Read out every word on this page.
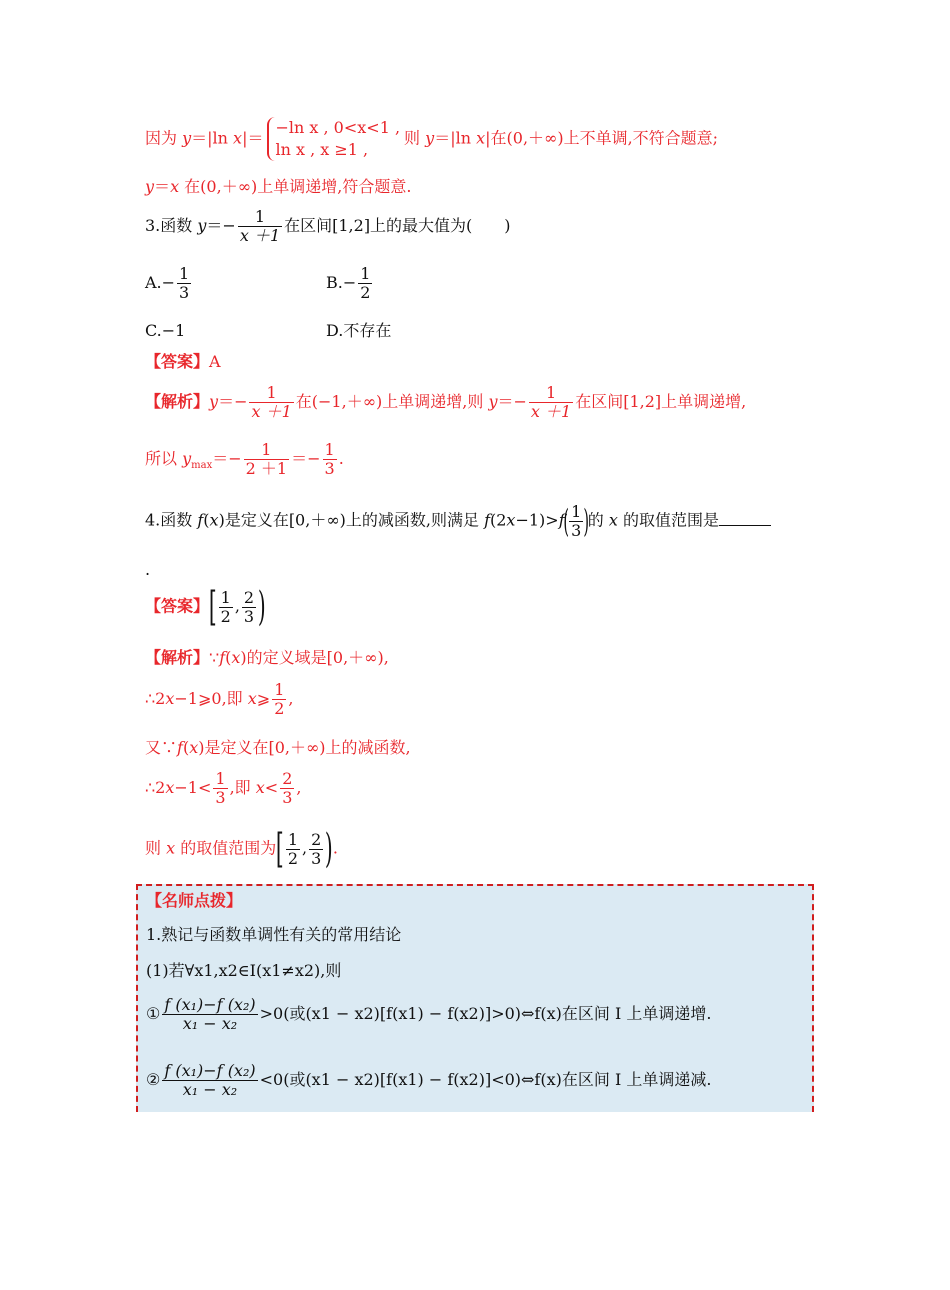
因为 y＝|ln x|＝
−ln x , 0<x<1 ,
ln x , x ≥1 ,
则 y＝|ln x|在(0,＋∞)上不单调,不符合题意;
y＝x 在(0,＋∞)上单调递增,符合题意.
3.函数 $y=- \frac{1}{x +1}$ 在区间[1,2]上的最大值为(　　)
$A.- \frac{1}{3}$	$B.- \frac{1}{2}$
C.−1	D.不存在
【答案】A
【解析】$y=- \frac{1}{x +1}$ 在(−1,＋∞)上单调递增,则 $y=- \frac{1}{x +1}$ 在区间[1,2]上单调递增,
所以 $y_{max}=- \frac{1}{2 +1} =- \frac{1}{3}$ .
4.函数 f(x)是定义在[0,＋∞)上的减函数,则满足 $f(2x-1)>f( \frac{1}{3}$ )的 x 的取值范围是
.
【答案】[ $\frac{1}{2}$ , $\frac{2}{3}$ )
【解析】∵f(x)的定义域是[0,＋∞),
∴2x−1⩾0,即 x⩾ $\frac{1}{2}$ ,
又∵f(x)是定义在[0,＋∞)上的减函数,
∴2x−1< $\frac{1}{3}$ ,即 $x< \frac{2}{3}$ ,
则 x 的取值范围为[ $\frac{1}{2}$ , $\frac{2}{3}$ ).
【名师点拨】
1.熟记与函数单调性有关的常用结论
(1)若∀x1,x2∈I(x1≠x2),则
① $\frac{\text{f (x₁)−f (x₂)}}{\text{x₁ − x₂}} >0$(或(x1 − x2)[f(x1) − f(x2)]>0)⇔f(x)在区间 I 上单调递增.
② $\frac{\text{f (x₁)−f (x₂)}}{\text{x₁ − x₂}} <0$(或(x1 − x2)[f(x1) − f(x2)]<0)⇔f(x)在区间 I 上单调递减.
